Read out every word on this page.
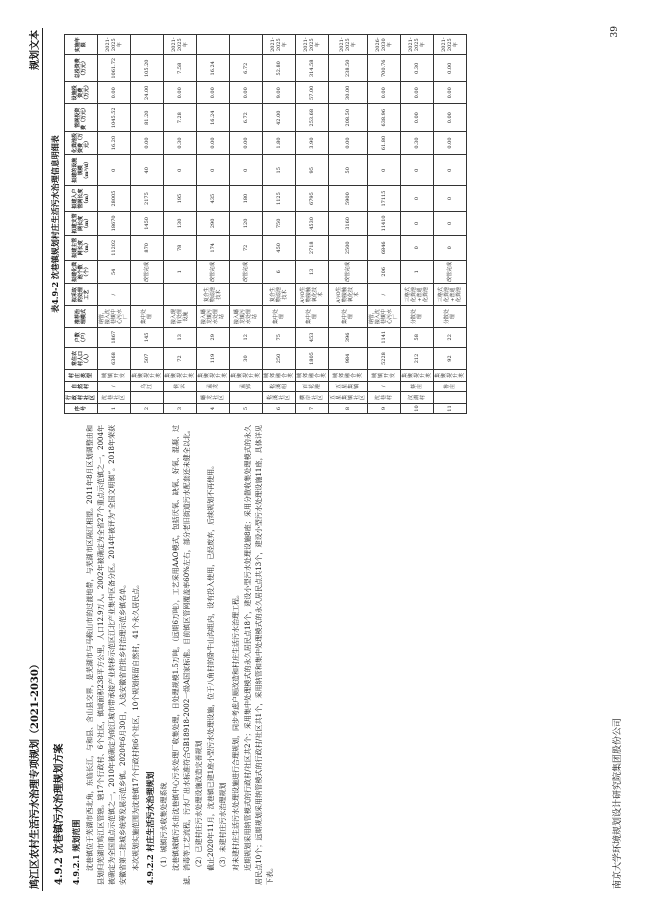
鸠江区农村生活污水治理专项规划（2021-2030）
规划文本
4.9.2 沈巷镇污水治理规划方案 4.9.2.1 规划范围 沈巷镇位于芜湖市西北角，东临长江，与和县、含山县交界，是芜湖市与马鞍山市的过渡地带，与芜湖市区隔江相望。2011年8月区划调整由和县划归芜湖市鸠江区管辖。辖17个行政村、6个社区，镇域面积238平方公里，人口12.9万人。2002年被确定为全省27个重点示范镇之一，2004年被确定为全国重点示范镇之一，2010年被确定为皖江城市带承接产业转移示范区江北产业集中区备分区。2014年被评为“全国文明镇”。2018年荣获安徽省第二批城乡统筹发展示范乡镇。2020年6月30日，入选安徽省首批乡村治理示范乡镇名单。 本次规划实施范围为沈巷镇17个行政村和6个社区，10个规划保留自然村，41个永久居民点。 4.9.2.2 村庄生活污水治理规划 （1）城镇污水收集处理系统 沈巷镇城镇污水由沈巷镇中心污水处理厂收集处理，日处理规模1.5万吨，（远期6万吨），工艺采用AAO模式，包括厌氧、缺氧、好氧、混凝、过滤、消毒等工艺流程，污水厂出水标准符合GB18918-2002一级A国家标准。目前镇区管网覆盖率60%左右，部分老旧街道污水配套还未健全以北。 （2）已建村庄污水处理设施改造完善规划 截止2020年11月，沈巷镇已建1座小型污水处理设施，位于八角村的卧牛山沟组内，设有投入使用，已经废弃，后续规划不再使用。 （3）未建村庄污水治理规划 对未建村庄生活污水处理设施进行合理规划，同步考虑户厕改造和村庄生活污水治理工程。 近期规划采用纳管模式的行政村/社区共2个；采用集中处理模式的永久居民点18个，建设小型污水处理设施8座；采用分散收集处理模式的永久居民点10个；远期规划采用纳管模式的行政村/社区共1个，采用纳管和集中处理模式的永久居民点共13个，建设小型污水处理设施11座，具体详见下表。

表4.9-2 沈巷镇规划村庄生活污水治理信息明细表
序号	行政村社区	自然村	村庄类型	常住农村人口（人）	户数（户）	推荐治理模式	拟采取的处理工艺	拟建化粪池个数（个）	拟建主管网长度（m）	拟建支管网长度（m）	拟建入户管网长度（m）	拟建的设施规模（m³/d）	化粪池投资费（万元）	管网投资费（万元）	设施投资费（万元）	总投资费（万元）	实施年限
1	沈巷社区	/	城镇开发	6368	1867	纳管，接入沈巷镇中心污水厂	/	54	11202	18670	28005	0	16.20	1045.52	0.00	1061.72	2021-2025年
2		乌江	集聚提升类	507	145	集中处理		改管完成	870	1450	2175	40	0.00	81.20	24.00	105.20	
3		侯云	集聚提升类	72	13	接入现有处理设施		1	78	130	195	0	0.30	7.28	0.00	7.58	2021-2025年
4	蟠龙社区	孟龙	集聚提升类	119	29	接入蟠龙镇污水处理站	复合生物滤池技术	改管完成	174	290	435	0	0.00	16.24	0.00	16.24	
5		孟郢	集聚提升类	30	12	接入蟠龙镇污水处理站		改管完成	72	120	180	0	0.00	6.72	0.00	6.72	
6	松溪社区	松溪组	城郊融合类	250	75	集中处理	复合生物滤池技术	6	450	750	1125	15	1.80	42.00	9.00	52.80	2021-2025年
7	横岸社区	百花港	城郊融合类	1805	453	集中处理	A²/O生物接触氧化技术	13	2718	4530	6795	95	3.90	253.68	57.00	314.58	2021-2025年
8	五星集镇社区	五星集镇	城郊融合类	984	396	集中处理	A²/O生物接触氧化技术	改管完成	2500	3160	5900	50	0.00	208.50	30.00	238.50	2021-2025年
9	沈巷村	/	城镇开发	5228	1141	纳管，接入沈巷镇中心污水厂	/	206	6846	11410	17115	0	61.80	638.96	0.00	700.76	2026-2030年
10	汉湖村	蔡庄	集聚提升类	212	58	分散处理	三格式化粪池+普通化粪池	1	0	0	0	0	0.30	0.00	0.00	0.30	2021-2025年
11		鲁庄	集聚提升类	92	22	分散处理	三格式化粪池+普通化粪池	改管完成	0	0	0	0	0.00	0.00	0.00	0.00	2021-2025年
南京大学环境规划设计研究院集团股份公司
39
